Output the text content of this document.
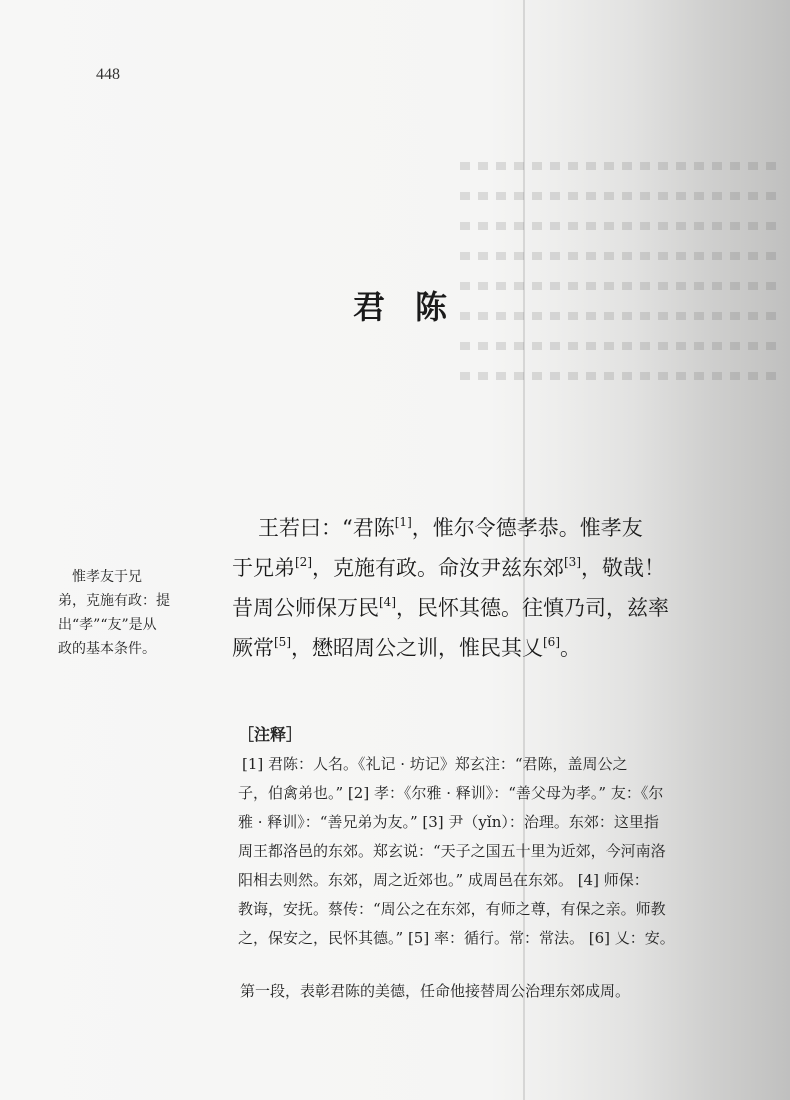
448
君陈
王若曰：“君陈[1]，惟尔令德孝恭。惟孝友
于兄弟[2]，克施有政。命汝尹兹东郊[3]，敬哉！
昔周公师保万民[4]，民怀其德。往慎乃司，兹率
厥常[5]，懋昭周公之训，惟民其乂[6]。
惟孝友于兄
弟，克施有政：提
出“孝”“友”是从
政的基本条件。
［注释］
[1] 君陈：人名。《礼记 · 坊记》郑玄注：“君陈，盖周公之
子，伯禽弟也。” [2] 孝：《尔雅 · 释训》：“善父母为孝。” 友：《尔
雅 · 释训》：“善兄弟为友。” [3] 尹（yǐn）：治理。东郊：这里指
周王都洛邑的东郊。郑玄说：“天子之国五十里为近郊，今河南洛
阳相去则然。东郊，周之近郊也。” 成周邑在东郊。 [4] 师保：
教诲，安抚。蔡传：“周公之在东郊，有师之尊，有保之亲。师教
之，保安之，民怀其德。” [5] 率：循行。常：常法。 [6] 乂：安。
第一段，表彰君陈的美德，任命他接替周公治理东郊成周。
